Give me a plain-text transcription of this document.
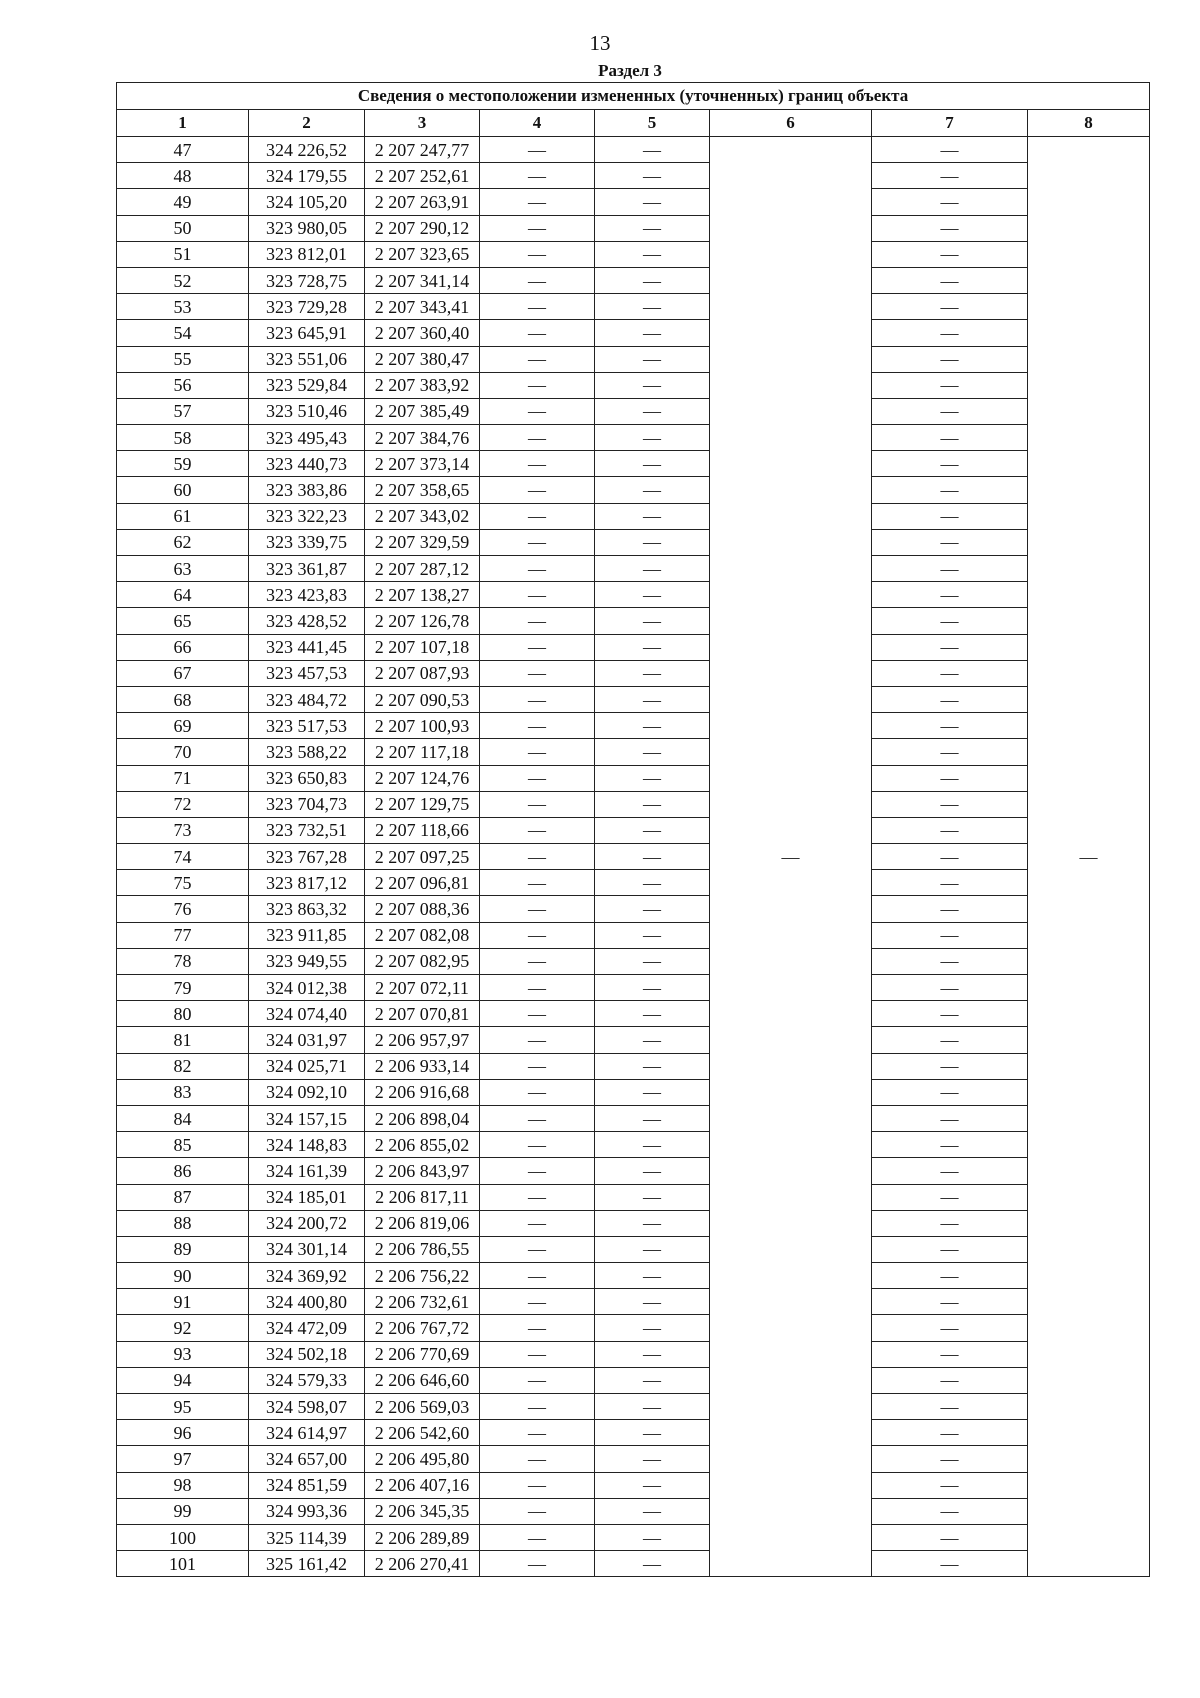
13
Раздел 3
Сведения о местоположении измененных (уточненных) границ объекта							
1	2	3	4	5	6	7	8
47	324 226,52	2 207 247,77	—	—	—	—	—
48	324 179,55	2 207 252,61	—	—		—	
49	324 105,20	2 207 263,91	—	—		—	
50	323 980,05	2 207 290,12	—	—		—	
51	323 812,01	2 207 323,65	—	—		—	
52	323 728,75	2 207 341,14	—	—		—	
53	323 729,28	2 207 343,41	—	—		—	
54	323 645,91	2 207 360,40	—	—		—	
55	323 551,06	2 207 380,47	—	—		—	
56	323 529,84	2 207 383,92	—	—		—	
57	323 510,46	2 207 385,49	—	—		—	
58	323 495,43	2 207 384,76	—	—		—	
59	323 440,73	2 207 373,14	—	—		—	
60	323 383,86	2 207 358,65	—	—		—	
61	323 322,23	2 207 343,02	—	—		—	
62	323 339,75	2 207 329,59	—	—		—	
63	323 361,87	2 207 287,12	—	—		—	
64	323 423,83	2 207 138,27	—	—		—	
65	323 428,52	2 207 126,78	—	—		—	
66	323 441,45	2 207 107,18	—	—		—	
67	323 457,53	2 207 087,93	—	—		—	
68	323 484,72	2 207 090,53	—	—		—	
69	323 517,53	2 207 100,93	—	—		—	
70	323 588,22	2 207 117,18	—	—		—	
71	323 650,83	2 207 124,76	—	—		—	
72	323 704,73	2 207 129,75	—	—		—	
73	323 732,51	2 207 118,66	—	—		—	
74	323 767,28	2 207 097,25	—	—		—	
75	323 817,12	2 207 096,81	—	—		—	
76	323 863,32	2 207 088,36	—	—		—	
77	323 911,85	2 207 082,08	—	—		—	
78	323 949,55	2 207 082,95	—	—		—	
79	324 012,38	2 207 072,11	—	—		—	
80	324 074,40	2 207 070,81	—	—		—	
81	324 031,97	2 206 957,97	—	—		—	
82	324 025,71	2 206 933,14	—	—		—	
83	324 092,10	2 206 916,68	—	—		—	
84	324 157,15	2 206 898,04	—	—		—	
85	324 148,83	2 206 855,02	—	—		—	
86	324 161,39	2 206 843,97	—	—		—	
87	324 185,01	2 206 817,11	—	—		—	
88	324 200,72	2 206 819,06	—	—		—	
89	324 301,14	2 206 786,55	—	—		—	
90	324 369,92	2 206 756,22	—	—		—	
91	324 400,80	2 206 732,61	—	—		—	
92	324 472,09	2 206 767,72	—	—		—	
93	324 502,18	2 206 770,69	—	—		—	
94	324 579,33	2 206 646,60	—	—		—	
95	324 598,07	2 206 569,03	—	—		—	
96	324 614,97	2 206 542,60	—	—		—	
97	324 657,00	2 206 495,80	—	—		—	
98	324 851,59	2 206 407,16	—	—		—	
99	324 993,36	2 206 345,35	—	—		—	
100	325 114,39	2 206 289,89	—	—		—	
101	325 161,42	2 206 270,41	—	—		—	
